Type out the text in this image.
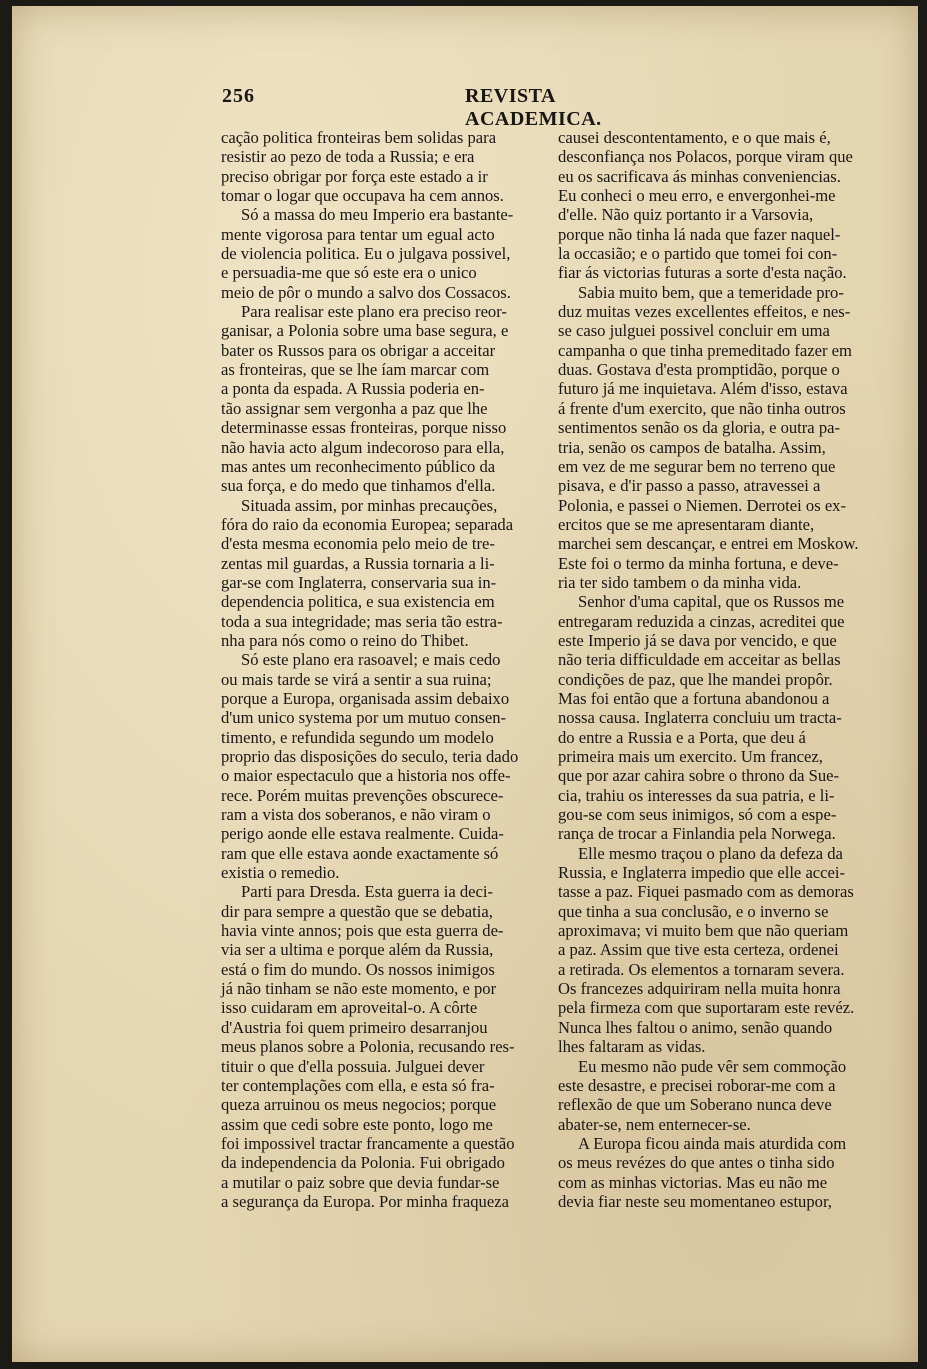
256	REVISTA ACADEMICA.

cação politica fronteiras bem solidas para
resistir ao pezo de toda a Russia; e era
preciso obrigar por força este estado a ir
tomar o logar que occupava ha cem annos.

Só a massa do meu Imperio era bastante-
mente vigorosa para tentar um egual acto
de violencia politica. Eu o julgava possivel,
e persuadia-me que só este era o unico
meio de pôr o mundo a salvo dos Cossacos.

Para realisar este plano era preciso reor-
ganisar, a Polonia sobre uma base segura, e
bater os Russos para os obrigar a acceitar
as fronteiras, que se lhe íam marcar com
a ponta da espada. A Russia poderia en-
tão assignar sem vergonha a paz que lhe
determinasse essas fronteiras, porque nisso
não havia acto algum indecoroso para ella,
mas antes um reconhecimento público da
sua força, e do medo que tinhamos d'ella.

Situada assim, por minhas precauções,
fóra do raio da economia Europea; separada
d'esta mesma economia pelo meio de tre-
zentas mil guardas, a Russia tornaria a li-
gar-se com Inglaterra, conservaria sua in-
dependencia politica, e sua existencia em
toda a sua integridade; mas seria tão estra-
nha para nós como o reino do Thibet.

Só este plano era rasoavel; e mais cedo
ou mais tarde se virá a sentir a sua ruina;
porque a Europa, organisada assim debaixo
d'um unico systema por um mutuo consen-
timento, e refundida segundo um modelo
proprio das disposições do seculo, teria dado
o maior espectaculo que a historia nos offe-
rece. Porém muitas prevenções obscurece-
ram a vista dos soberanos, e não viram o
perigo aonde elle estava realmente. Cuida-
ram que elle estava aonde exactamente só
existia o remedio.

Parti para Dresda. Esta guerra ia deci-
dir para sempre a questão que se debatia,
havia vinte annos; pois que esta guerra de-
via ser a ultima e porque além da Russia,
está o fim do mundo. Os nossos inimigos
já não tinham se não este momento, e por
isso cuidaram em aproveital-o. A côrte
d'Austria foi quem primeiro desarranjou
meus planos sobre a Polonia, recusando res-
tituir o que d'ella possuia. Julguei dever
ter contemplações com ella, e esta só fra-
queza arruinou os meus negocios; porque
assim que cedi sobre este ponto, logo me
foi impossivel tractar francamente a questão
da independencia da Polonia. Fui obrigado
a mutilar o paiz sobre que devia fundar-se
a segurança da Europa. Por minha fraqueza

causei descontentamento, e o que mais é,
desconfiança nos Polacos, porque viram que
eu os sacrificava ás minhas conveniencias.
Eu conheci o meu erro, e envergonhei-me
d'elle. Não quiz portanto ir a Varsovia,
porque não tinha lá nada que fazer naquel-
la occasião; e o partido que tomei foi con-
fiar ás victorias futuras a sorte d'esta nação.

Sabia muito bem, que a temeridade pro-
duz muitas vezes excellentes effeitos, e nes-
se caso julguei possivel concluir em uma
campanha o que tinha premeditado fazer em
duas. Gostava d'esta promptidão, porque o
futuro já me inquietava. Além d'isso, estava
á frente d'um exercito, que não tinha outros
sentimentos senão os da gloria, e outra pa-
tria, senão os campos de batalha. Assim,
em vez de me segurar bem no terreno que
pisava, e d'ir passo a passo, atravessei a
Polonia, e passei o Niemen. Derrotei os ex-
ercitos que se me apresentaram diante,
marchei sem descançar, e entrei em Moskow.
Este foi o termo da minha fortuna, e deve-
ria ter sido tambem o da minha vida.

Senhor d'uma capital, que os Russos me
entregaram reduzida a cinzas, acreditei que
este Imperio já se dava por vencido, e que
não teria difficuldade em acceitar as bellas
condições de paz, que lhe mandei propôr.
Mas foi então que a fortuna abandonou a
nossa causa. Inglaterra concluiu um tracta-
do entre a Russia e a Porta, que deu á
primeira mais um exercito. Um francez,
que por azar cahira sobre o throno da Sue-
cia, trahiu os interesses da sua patria, e li-
gou-se com seus inimigos, só com a espe-
rança de trocar a Finlandia pela Norwega.

Elle mesmo traçou o plano da defeza da
Russia, e Inglaterra impedio que elle accei-
tasse a paz. Fiquei pasmado com as demoras
que tinha a sua conclusão, e o inverno se
aproximava; vi muito bem que não queriam
a paz. Assim que tive esta certeza, ordenei
a retirada. Os elementos a tornaram severa.
Os francezes adquiriram nella muita honra
pela firmeza com que suportaram este revéz.
Nunca lhes faltou o animo, senão quando
lhes faltaram as vidas.

Eu mesmo não pude vêr sem commoção
este desastre, e precisei roborar-me com a
reflexão de que um Soberano nunca deve
abater-se, nem enternecer-se.

A Europa ficou ainda mais aturdida com
os meus revézes do que antes o tinha sido
com as minhas victorias. Mas eu não me
devia fiar neste seu momentaneo estupor,
